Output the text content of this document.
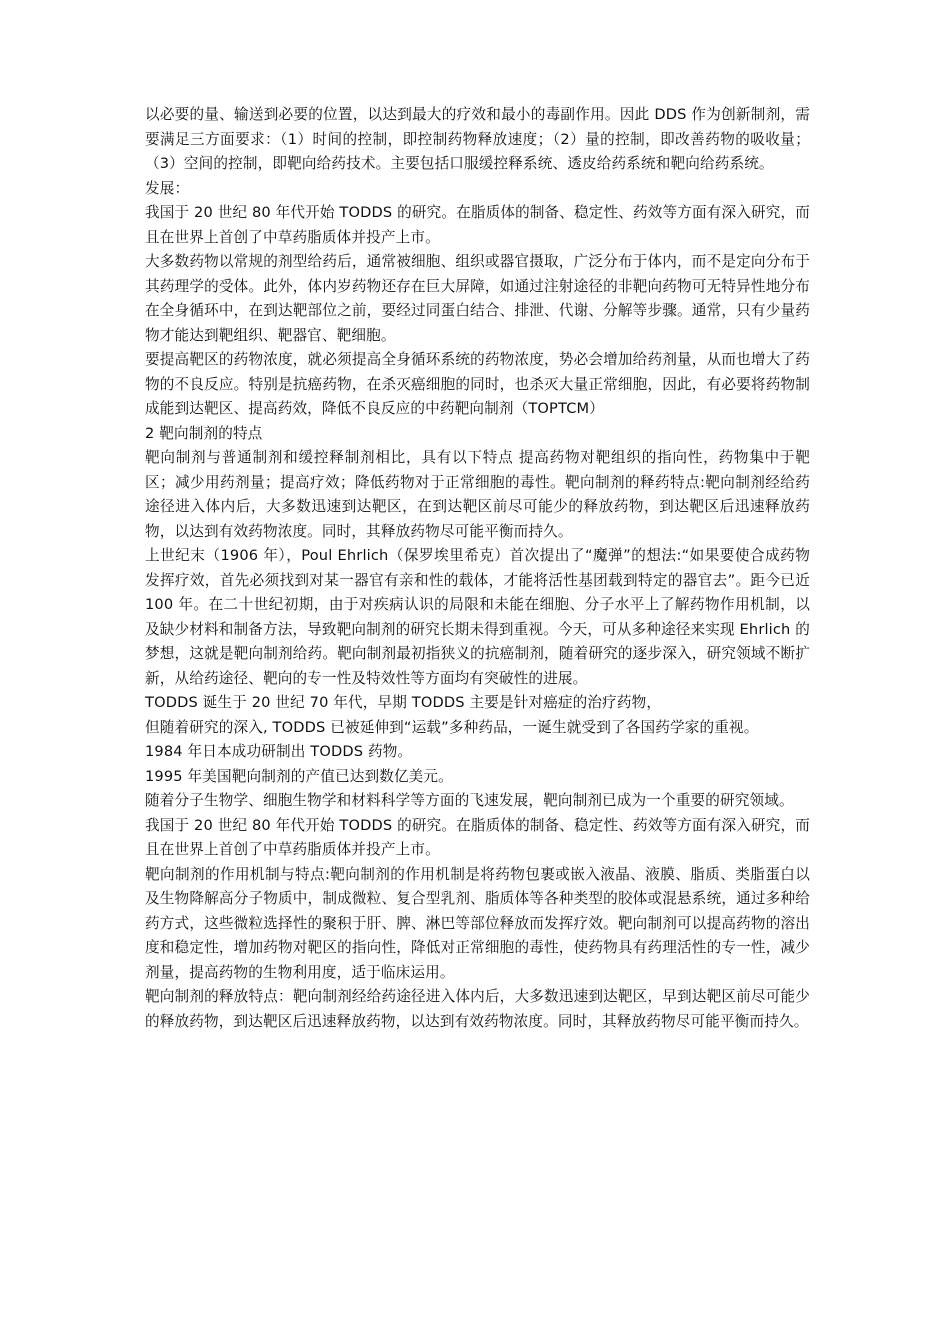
以必要的量、输送到必要的位置，以达到最大的疗效和最小的毒副作用。因此 DDS 作为创新制剂，需要满足三方面要求：（1）时间的控制，即控制药物释放速度；（2）量的控制，即改善药物的吸收量；（3）空间的控制，即靶向给药技术。主要包括口服缓控释系统、透皮给药系统和靶向给药系统。

发展：

我国于 20 世纪 80 年代开始 TODDS 的研究。在脂质体的制备、稳定性、药效等方面有深入研究，而且在世界上首创了中草药脂质体并投产上市。

大多数药物以常规的剂型给药后，通常被细胞、组织或器官摄取，广泛分布于体内，而不是定向分布于其药理学的受体。此外，体内岁药物还存在巨大屏障，如通过注射途径的非靶向药物可无特异性地分布在全身循环中，在到达靶部位之前，要经过同蛋白结合、排泄、代谢、分解等步骤。通常，只有少量药物才能达到靶组织、靶器官、靶细胞。

要提高靶区的药物浓度，就必须提高全身循环系统的药物浓度，势必会增加给药剂量，从而也增大了药物的不良反应。特别是抗癌药物，在杀灭癌细胞的同时，也杀灭大量正常细胞，因此，有必要将药物制成能到达靶区、提高药效，降低不良反应的中药靶向制剂（TOPTCM）

2 靶向制剂的特点

靶向制剂与普通制剂和缓控释制剂相比，具有以下特点 提高药物对靶组织的指向性，药物集中于靶区；减少用药剂量；提高疗效；降低药物对于正常细胞的毒性。靶向制剂的释药特点:靶向制剂经给药途径进入体内后，大多数迅速到达靶区，在到达靶区前尽可能少的释放药物，到达靶区后迅速释放药物，以达到有效药物浓度。同时，其释放药物尽可能平衡而持久。

上世纪末（1906 年），Poul Ehrlich（保罗埃里希克）首次提出了“魔弹”的想法:“如果要使合成药物发挥疗效，首先必须找到对某一器官有亲和性的载体，才能将活性基团载到特定的器官去”。距今已近 100 年。在二十世纪初期，由于对疾病认识的局限和未能在细胞、分子水平上了解药物作用机制，以及缺少材料和制备方法，导致靶向制剂的研究长期未得到重视。今天，可从多种途径来实现 Ehrlich 的梦想，这就是靶向制剂给药。靶向制剂最初指狭义的抗癌制剂，随着研究的逐步深入，研究领域不断扩新，从给药途径、靶向的专一性及特效性等方面均有突破性的进展。

TODDS 诞生于 20 世纪 70 年代，早期 TODDS 主要是针对癌症的治疗药物，

但随着研究的深入, TODDS 已被延伸到“运载”多种药品，一诞生就受到了各国药学家的重视。

1984 年日本成功研制出 TODDS 药物。

1995 年美国靶向制剂的产值已达到数亿美元。

随着分子生物学、细胞生物学和材料科学等方面的飞速发展，靶向制剂已成为一个重要的研究领域。

我国于 20 世纪 80 年代开始 TODDS 的研究。在脂质体的制备、稳定性、药效等方面有深入研究，而且在世界上首创了中草药脂质体并投产上市。

靶向制剂的作用机制与特点:靶向制剂的作用机制是将药物包裹或嵌入液晶、液膜、脂质、类脂蛋白以及生物降解高分子物质中，制成微粒、复合型乳剂、脂质体等各种类型的胶体或混悬系统，通过多种给药方式，这些微粒选择性的聚积于肝、脾、淋巴等部位释放而发挥疗效。靶向制剂可以提高药物的溶出度和稳定性，增加药物对靶区的指向性，降低对正常细胞的毒性，使药物具有药理活性的专一性，减少剂量，提高药物的生物利用度，适于临床运用。

靶向制剂的释放特点：靶向制剂经给药途径进入体内后，大多数迅速到达靶区，早到达靶区前尽可能少的释放药物，到达靶区后迅速释放药物，以达到有效药物浓度。同时，其释放药物尽可能平衡而持久。
